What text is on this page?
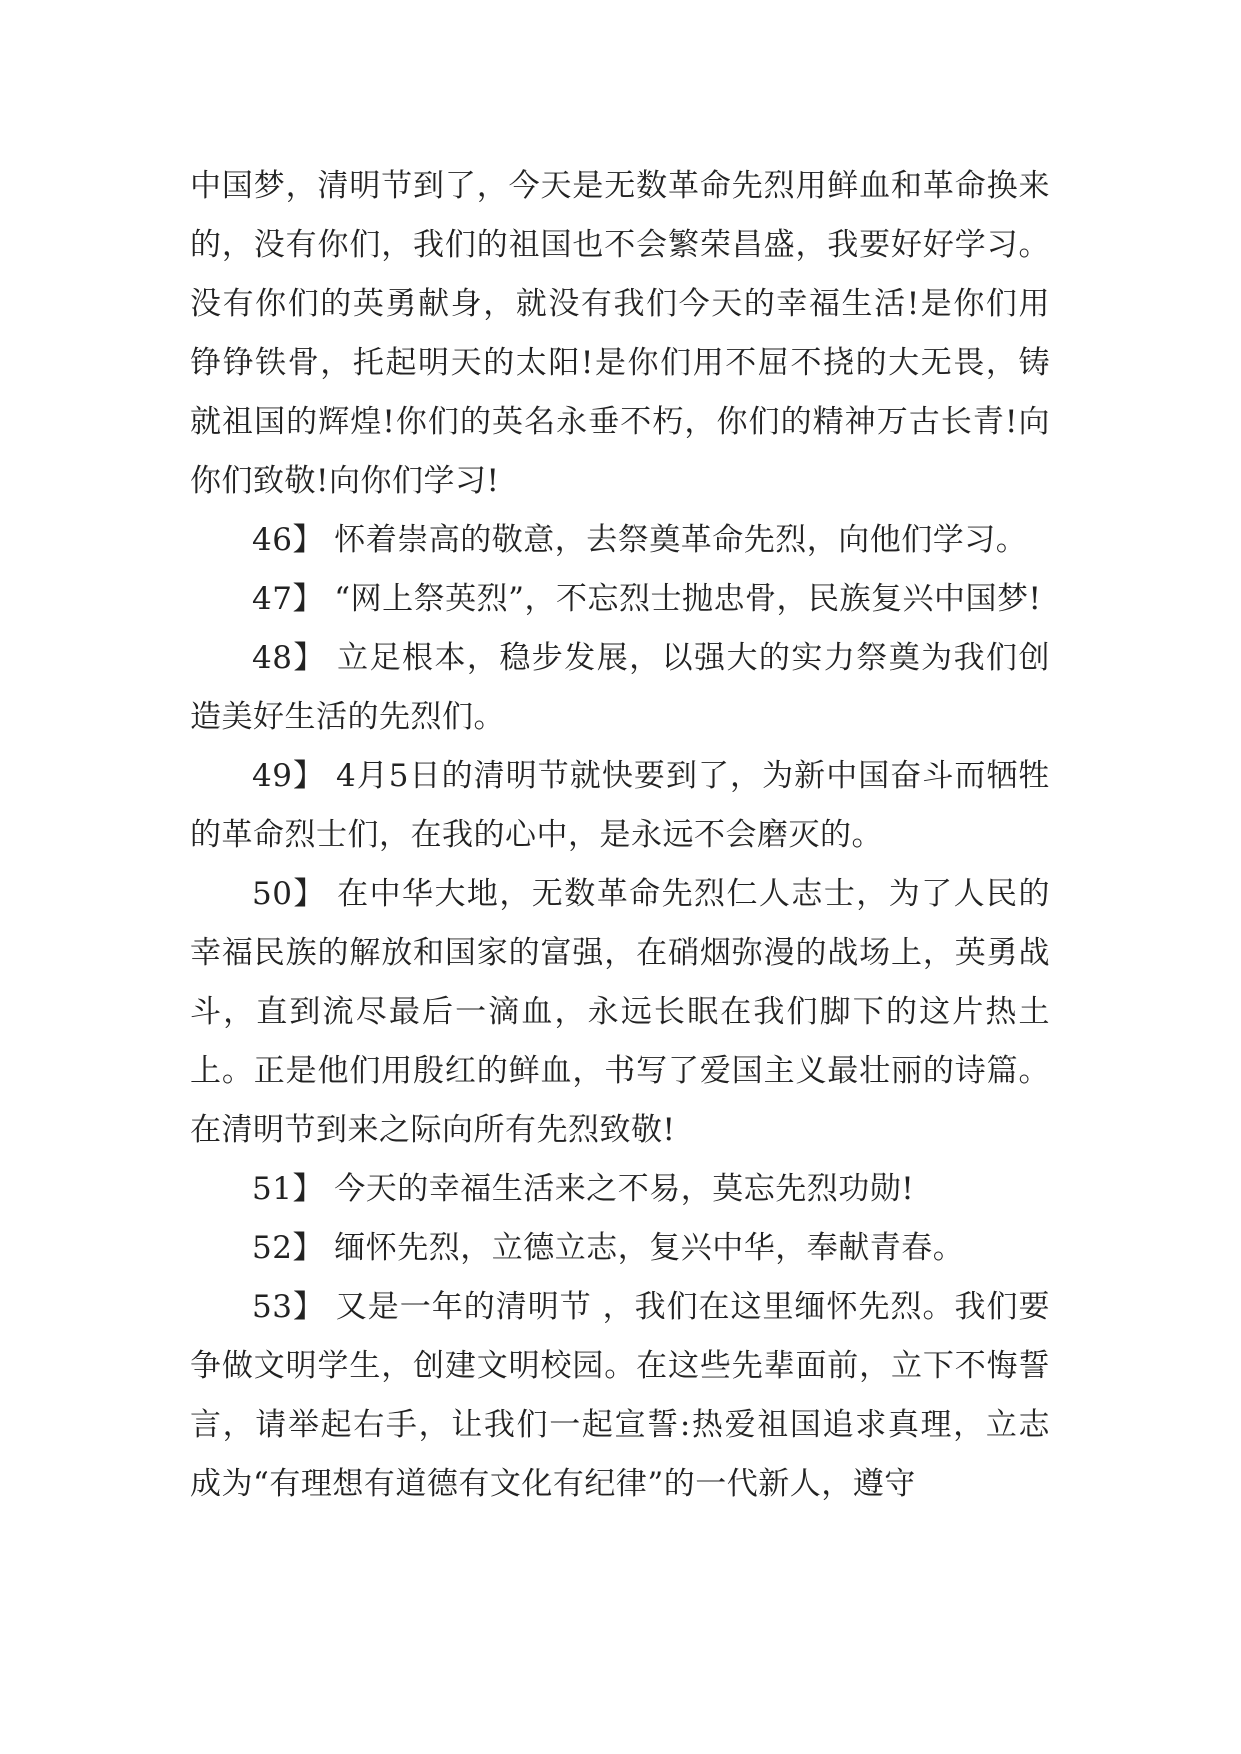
中国梦，清明节到了，今天是无数革命先烈用鲜血和革命换来的，没有你们，我们的祖国也不会繁荣昌盛，我要好好学习。没有你们的英勇献身，就没有我们今天的幸福生活!是你们用铮铮铁骨，托起明天的太阳!是你们用不屈不挠的大无畏，铸就祖国的辉煌!你们的英名永垂不朽，你们的精神万古长青!向你们致敬!向你们学习!

46】 怀着崇高的敬意，去祭奠革命先烈，向他们学习。

47】 “网上祭英烈”，不忘烈士抛忠骨，民族复兴中国梦!

48】 立足根本，稳步发展，以强大的实力祭奠为我们创造美好生活的先烈们。

49】 4月5日的清明节就快要到了，为新中国奋斗而牺牲的革命烈士们，在我的心中，是永远不会磨灭的。

50】 在中华大地，无数革命先烈仁人志士，为了人民的幸福民族的解放和国家的富强，在硝烟弥漫的战场上，英勇战斗，直到流尽最后一滴血，永远长眠在我们脚下的这片热土上。正是他们用殷红的鲜血，书写了爱国主义最壮丽的诗篇。在清明节到来之际向所有先烈致敬!

51】 今天的幸福生活来之不易，莫忘先烈功勋!

52】 缅怀先烈，立德立志，复兴中华，奉献青春。

53】 又是一年的清明节 ，我们在这里缅怀先烈。我们要争做文明学生，创建文明校园。在这些先辈面前，立下不悔誓言，请举起右手，让我们一起宣誓:热爱祖国追求真理，立志成为“有理想有道德有文化有纪律”的一代新人，遵守
